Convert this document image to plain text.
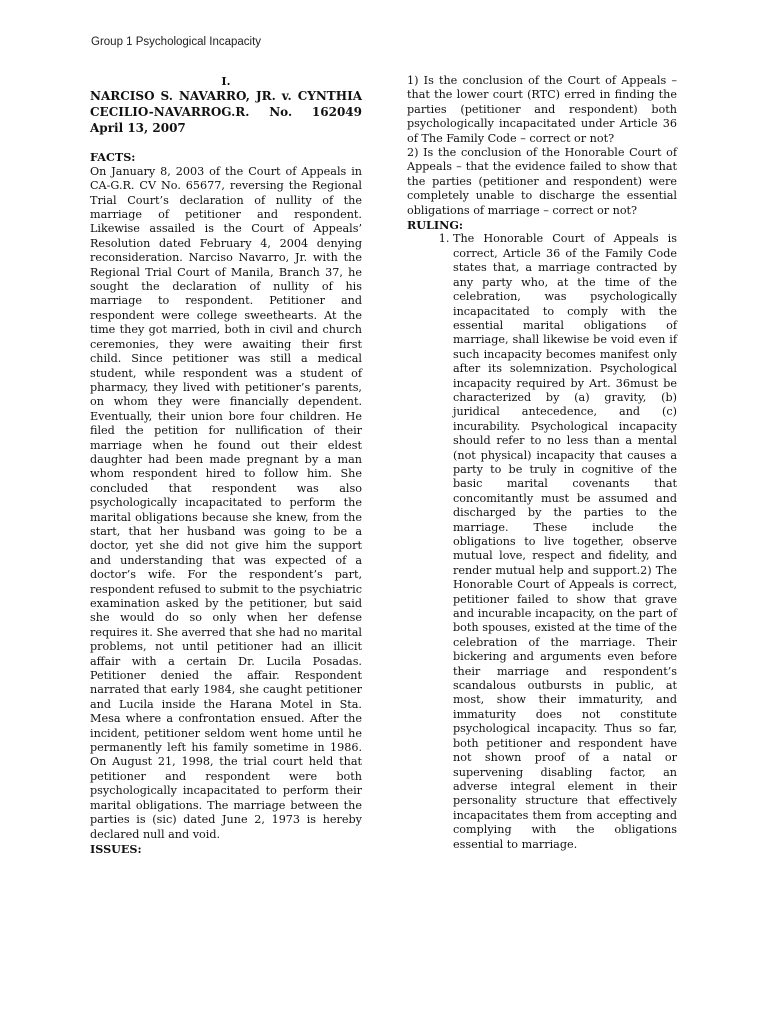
Group 1 Psychological Incapacity

I.

NARCISO S. NAVARRO, JR. v. CYNTHIA CECILIO-NAVARROG.R. No. 162049 April 13, 2007

FACTS:

On January 8, 2003 of the Court of Appeals in CA-G.R. CV No. 65677, reversing the Regional Trial Court’s declaration of nullity of the marriage of petitioner and respondent. Likewise assailed is the Court of Appeals’ Resolution dated February 4, 2004 denying reconsideration. Narciso Navarro, Jr. with the Regional Trial Court of Manila, Branch 37, he sought the declaration of nullity of his marriage to respondent. Petitioner and respondent were college sweethearts. At the time they got married, both in civil and church ceremonies, they were awaiting their first child. Since petitioner was still a medical student, while respondent was a student of pharmacy, they lived with petitioner’s parents, on whom they were financially dependent. Eventually, their union bore four children. He filed the petition for nullification of their marriage when he found out their eldest daughter had been made pregnant by a man whom respondent hired to follow him. She concluded that respondent was also psychologically incapacitated to perform the marital obligations because she knew, from the start, that her husband was going to be a doctor, yet she did not give him the support and understanding that was expected of a doctor’s wife. For the respondent’s part, respondent refused to submit to the psychiatric examination asked by the petitioner, but said she would do so only when her defense requires it. She averred that she had no marital problems, not until petitioner had an illicit affair with a certain Dr. Lucila Posadas. Petitioner denied the affair. Respondent narrated that early 1984, she caught petitioner and Lucila inside the Harana Motel in Sta. Mesa where a confrontation ensued. After the incident, petitioner seldom went home until he permanently left his family sometime in 1986. On August 21, 1998, the trial court held that petitioner and respondent were both psychologically incapacitated to perform their marital obligations. The marriage between the parties is (sic) dated June 2, 1973 is hereby declared null and void.

ISSUES:

1) Is the conclusion of the Court of Appeals – that the lower court (RTC) erred in finding the parties (petitioner and respondent) both psychologically incapacitated under Article 36 of The Family Code – correct or not?

2) Is the conclusion of the Honorable Court of Appeals – that the evidence failed to show that the parties (petitioner and respondent) were completely unable to discharge the essential obligations of marriage – correct or not?

RULING:

1. The Honorable Court of Appeals is correct, Article 36 of the Family Code states that, a marriage contracted by any party who, at the time of the celebration, was psychologically incapacitated to comply with the essential marital obligations of marriage, shall likewise be void even if such incapacity becomes manifest only after its solemnization. Psychological incapacity required by Art. 36must be characterized by (a) gravity, (b) juridical antecedence, and (c) incurability. Psychological incapacity should refer to no less than a mental (not physical) incapacity that causes a party to be truly in cognitive of the basic marital covenants that concomitantly must be assumed and discharged by the parties to the marriage. These include the obligations to live together, observe mutual love, respect and fidelity, and render mutual help and support.2) The Honorable Court of Appeals is correct, petitioner failed to show that grave and incurable incapacity, on the part of both spouses, existed at the time of the celebration of the marriage. Their bickering and arguments even before their marriage and respondent’s scandalous outbursts in public, at most, show their immaturity, and immaturity does not constitute psychological incapacity. Thus so far, both petitioner and respondent have not shown proof of a natal or supervening disabling factor, an adverse integral element in their personality structure that effectively incapacitates them from accepting and complying with the obligations essential to marriage.
